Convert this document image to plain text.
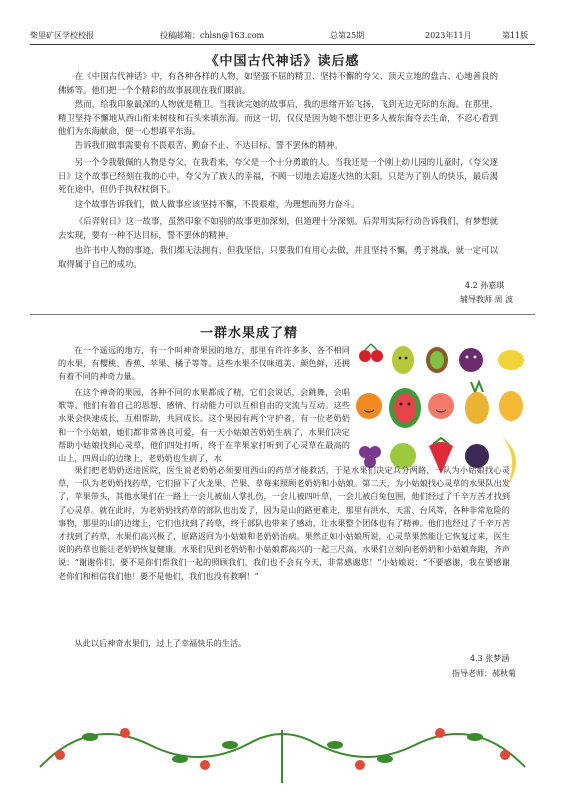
柴里矿区学校校报	投稿邮箱：chlsn@163.com	总第25期	2023年11月	第11版
《中国古代神话》读后感

在《中国古代神话》中，有各种各样的人物，如坚强不屈的精卫、坚持不懈的夸父、顶天立地的盘古、心地善良的佛姊等。他们把一个个精彩的故事展现在我们眼前。

然而，给我印象最深的人物就是精卫。当我读完她的故事后，我的思绪开始飞扬，飞到无边无际的东海。在那里，精卫坚持不懈地从西山衔来树枝和石头来填东海。而这一切，仅仅是因为她不想让更多人被东海夺去生命，不忍心看到他们为东海献命，便一心想填平东海。

告诉我们做事需要有不畏艰苦、勤奋不止、不达目标、誓不罢休的精神。

另一个令我敬佩的人物是夸父，在我看来，夸父是一个十分勇敢的人。当我还是一个刚上幼儿园的儿童时，《夸父逐日》这个故事已经刻在我的心中，夸父为了族人的幸福，不顾一切地去追逐火热的太阳，只是为了别人的快乐，最后渴死在途中，但仍手执权杖倒下。

这个故事告诉我们，做人做事应该坚持不懈，不畏艰难，为理想而努力奋斗。

《后羿射日》这一故事，虽然印象不如别的故事更加深刻，但道理十分深刻。后羿用实际行动告诉我们，有梦想就去实现，要有一种不达目标，誓不罢休的精神。

也许书中人物的事迹，我们都无法拥有，但我坚信，只要我们有用心去做，并且坚持不懈，勇于挑战，就一定可以取得属于自己的成功。

4.2 孙嘉琪
辅导教师 周 波
一群水果成了精

在一个遥远的地方，有一个叫神奇果园的地方，那里有许许多多、各不相同的水果，有樱桃、香蕉、苹果、橘子等等。这些水果不仅味道美、颜色鲜，还拥有着不同的神奇力量。

在这个神奇的果园，各种不同的水果都成了精，它们会说话，会跳舞，会唱歌等，他们有着自己的思想、感情、行动能力可以互相自由的交流与互动。这些水果会快速成长，互相帮助，共同成长。这个果园有两个守护者，有一位老奶奶和一个小姑娘，她们都非常善良可爱，有一天小姑娘苦奶奶生病了，水果们决定帮助小姑娘找到心灵草，他们四处打听，终于在苹果家打听到了心灵草在最高的山上，四周山的边缘上，老奶奶也生病了，水

果们把老奶奶送进医院，医生说老奶奶必须要用西山的药草才能救活，于是水果们决定兵分两路，一队为小姑娘找心灵草，一队为老奶奶找药草，它们留下了火龙果、芒果、草莓来照顾老奶奶和小姑娘。第二天，为小姑娘找心灵草的水果队出发了，苹果带头，其他水果们在一路上一会儿被仙人掌扎伤，一会儿被四叶草，一会儿被白兔包围，他们经过了千辛万苦才找到了心灵草。就在此时，为老奶奶找药草的部队也出发了，因为是山的路更难走，那里有洪水、天雷、台风等，各种非常危险的事物，那里的山的边缘上，它们也找到了药草，终于部队也带来了感动，让水果整个团体也有了精神。他们也经过了千辛万苦才找到了药草，水果们高兴极了，原路返回为小姑娘和老奶奶治病。果然正如小姑娘所说，心灵草果然能让它恢复过来，医生说的药草也能让老奶奶恢复健康。水果们见到老奶奶和小姑娘都高兴的一起三尺高，水果们立刻向老奶奶和小姑娘奔跑，齐声说：“谢谢你们，要不是你们帮我们一起的照顾我们，我们也不会有今天，非常感谢您！”小姑娘说：“不要感谢，我在要感谢老你们和相信我们他！要不是他们，我们也没有救啊！”

从此以后神奇水果们，过上了幸福快乐的生活。

4.3 张梦涵
指导老师：郝秋菊
